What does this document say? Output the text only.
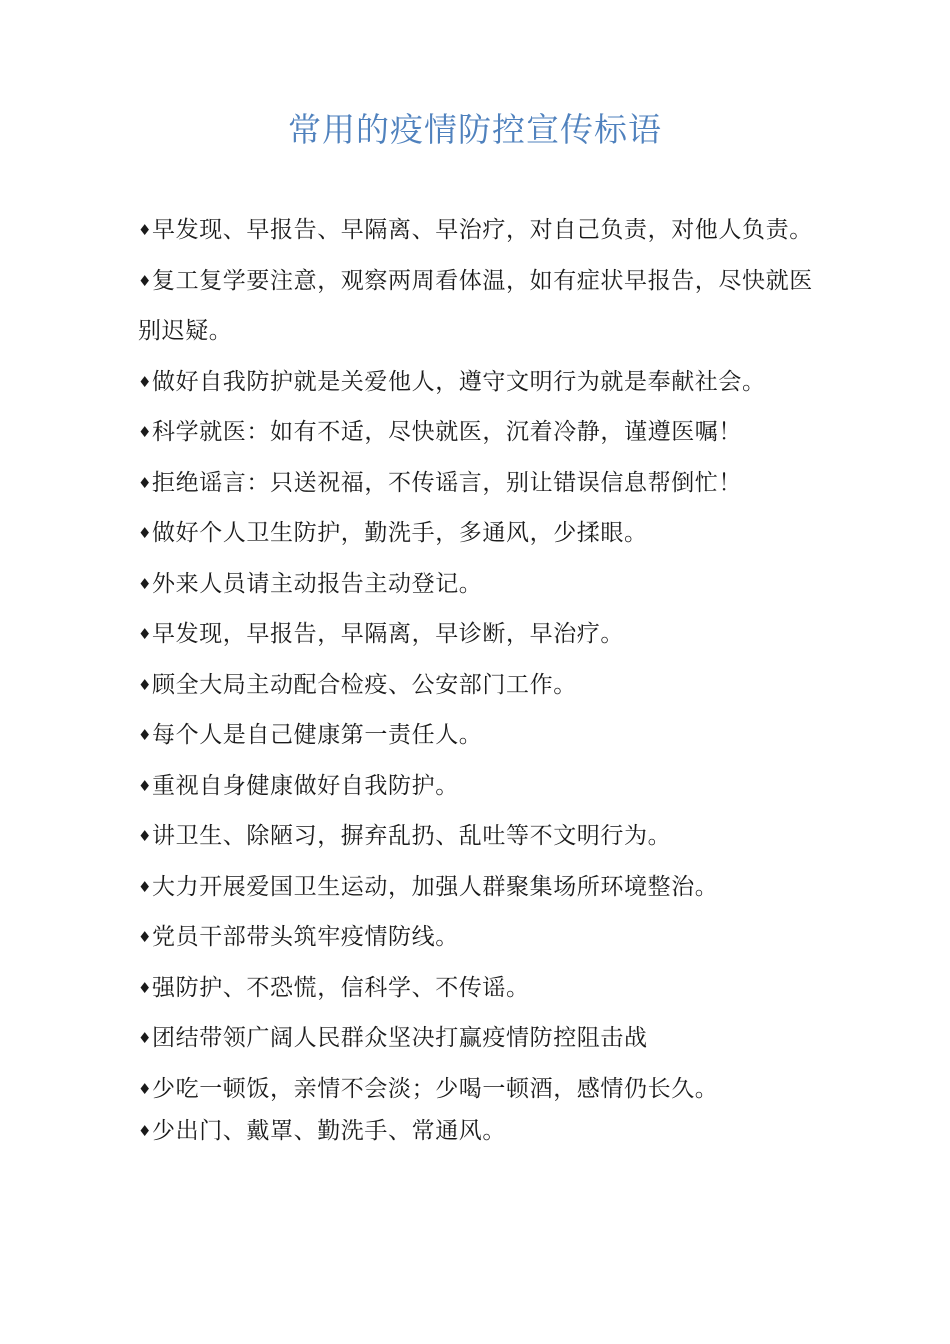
常用的疫情防控宣传标语
♦早发现、早报告、早隔离、早治疗，对自己负责，对他人负责。
♦复工复学要注意，观察两周看体温，如有症状早报告，尽快就医别迟疑。
♦做好自我防护就是关爱他人，遵守文明行为就是奉献社会。
♦科学就医：如有不适，尽快就医，沉着冷静，谨遵医嘱！
♦拒绝谣言：只送祝福，不传谣言，别让错误信息帮倒忙！
♦做好个人卫生防护，勤洗手，多通风，少揉眼。
♦外来人员请主动报告主动登记。
♦早发现，早报告，早隔离，早诊断，早治疗。
♦顾全大局主动配合检疫、公安部门工作。
♦每个人是自己健康第一责任人。
♦重视自身健康做好自我防护。
♦讲卫生、除陋习，摒弃乱扔、乱吐等不文明行为。
♦大力开展爱国卫生运动，加强人群聚集场所环境整治。
♦党员干部带头筑牢疫情防线。
♦强防护、不恐慌，信科学、不传谣。
♦团结带领广阔人民群众坚决打赢疫情防控阻击战
♦少吃一顿饭，亲情不会淡；少喝一顿酒，感情仍长久。
♦少出门、戴罩、勤洗手、常通风。
